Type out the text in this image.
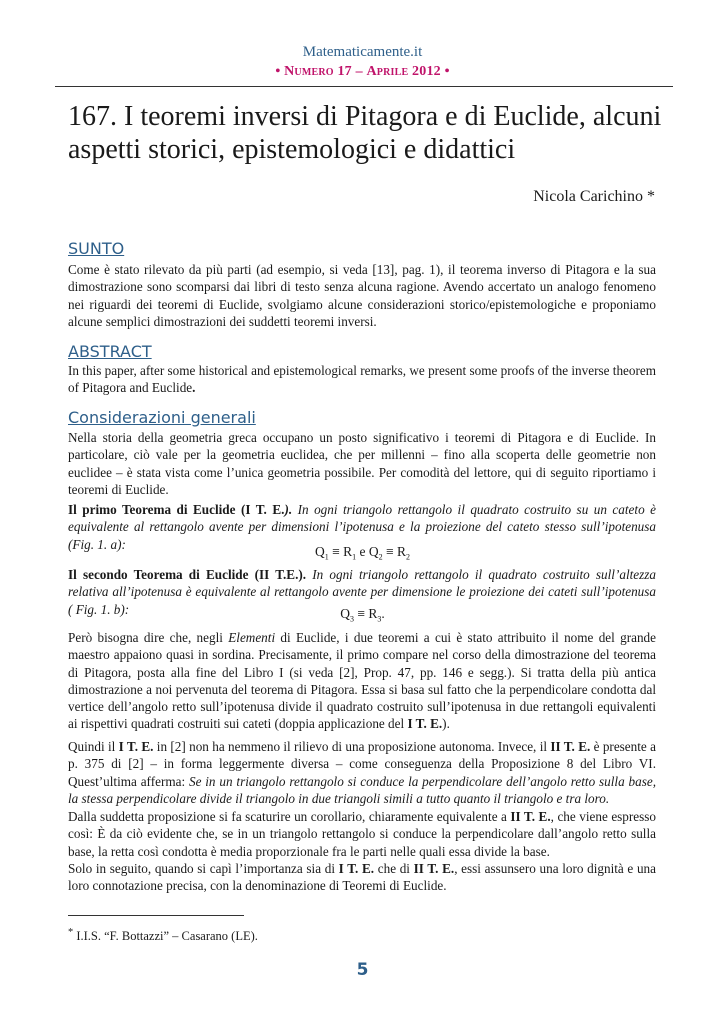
Matematicamente.it
• Numero 17 – Aprile 2012 •
167. I teoremi inversi di Pitagora e di Euclide, alcuni aspetti storici, epistemologici e didattici
Nicola Carichino *
SUNTO

Come è stato rilevato da più parti (ad esempio, si veda [13], pag. 1), il teorema inverso di Pitagora e la sua dimostrazione sono scomparsi dai libri di testo senza alcuna ragione. Avendo accertato un analogo fenomeno nei riguardi dei teoremi di Euclide, svolgiamo alcune considerazioni storico/epistemologiche e proponiamo alcune semplici dimostrazioni dei suddetti teoremi inversi.

ABSTRACT

In this paper, after some historical and epistemological remarks, we present some proofs of the inverse theorem of Pitagora and Euclide.

Considerazioni generali

Nella storia della geometria greca occupano un posto significativo i teoremi di Pitagora e di Euclide. In particolare, ciò vale per la geometria euclidea, che per millenni – fino alla scoperta delle geometrie non euclidee – è stata vista come l’unica geometria possibile. Per comodità del lettore, qui di seguito riportiamo i teoremi di Euclide.

Il primo Teorema di Euclide (I T. E.). In ogni triangolo rettangolo il quadrato costruito su un cateto è equivalente al rettangolo avente per dimensioni l’ipotenusa e la proiezione del cateto stesso sull’ipotenusa (Fig. 1. a):	$Q_1 \equiv R_1$ e $Q_2 \equiv R_2$

Il secondo Teorema di Euclide (II T.E.). In ogni triangolo rettangolo il quadrato costruito sull’altezza relativa all’ipotenusa è equivalente al rettangolo avente per dimensione le proiezione dei cateti sull’ipotenusa ( Fig. 1. b):	$Q_3 \equiv R_3$.

Però bisogna dire che, negli Elementi di Euclide, i due teoremi a cui è stato attribuito il nome del grande maestro appaiono quasi in sordina. Precisamente, il primo compare nel corso della dimostrazione del teorema di Pitagora, posta alla fine del Libro I (si veda [2], Prop. 47, pp. 146 e segg.). Si tratta della più antica dimostrazione a noi pervenuta del teorema di Pitagora. Essa si basa sul fatto che la perpendicolare condotta dal vertice dell’angolo retto sull’ipotenusa divide il quadrato costruito sull’ipotenusa in due rettangoli equivalenti ai rispettivi quadrati costruiti sui cateti (doppia applicazione del I T. E.).

Quindi il I T. E. in [2] non ha nemmeno il rilievo di una proposizione autonoma. Invece, il II T. E. è presente a p. 375 di [2] – in forma leggermente diversa – come conseguenza della Proposizione 8 del Libro VI. Quest’ultima afferma: Se in un triangolo rettangolo si conduce la perpendicolare dell’angolo retto sulla base, la stessa perpendicolare divide il triangolo in due triangoli simili a tutto quanto il triangolo e tra loro.

Dalla suddetta proposizione si fa scaturire un corollario, chiaramente equivalente a II T. E., che viene espresso così: È da ciò evidente che, se in un triangolo rettangolo si conduce la perpendicolare dall’angolo retto sulla base, la retta così condotta è media proporzionale fra le parti nelle quali essa divide la base.

Solo in seguito, quando si capì l’importanza sia di I T. E. che di II T. E., essi assunsero una loro dignità e una loro connotazione precisa, con la denominazione di Teoremi di Euclide.

* I.I.S. “F. Bottazzi” – Casarano (LE).
5
